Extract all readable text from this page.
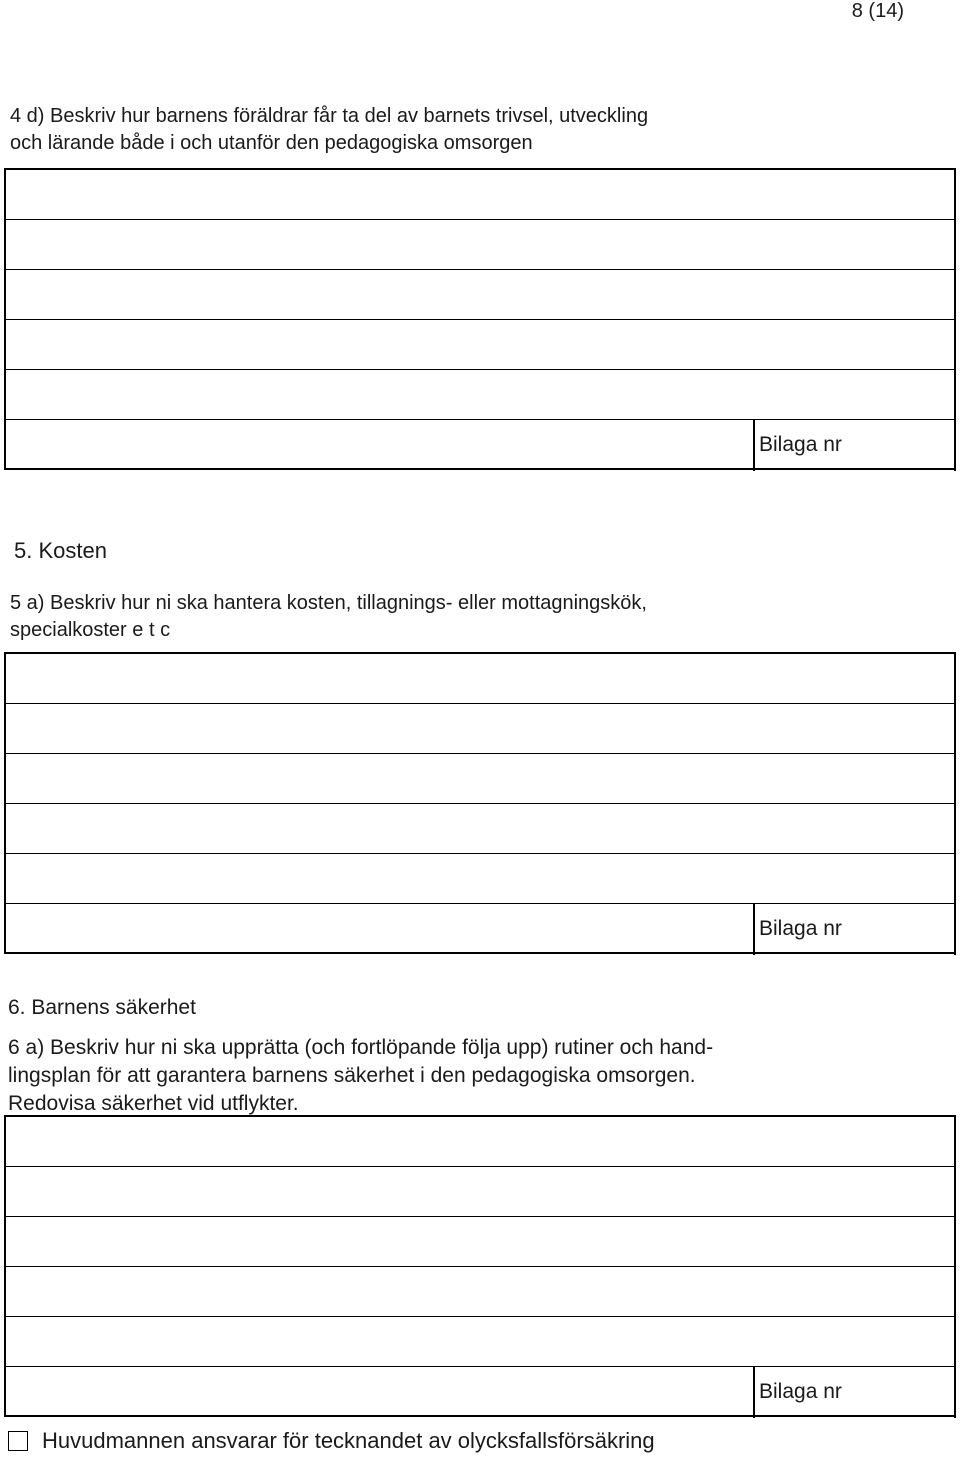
8 (14)
4 d) Beskriv hur barnens föräldrar får ta del av barnets trivsel, utveckling
och lärande både i och utanför den pedagogiska omsorgen
Bilaga nr
5. Kosten
5 a) Beskriv hur ni ska hantera kosten, tillagnings- eller mottagningskök,
specialkoster e t c
Bilaga nr
6. Barnens säkerhet
6 a) Beskriv hur ni ska upprätta (och fortlöpande följa upp) rutiner och hand-
lingsplan för att garantera barnens säkerhet i den pedagogiska omsorgen.
Redovisa säkerhet vid utflykter.
Bilaga nr
Huvudmannen ansvarar för tecknandet av olycksfallsförsäkring
